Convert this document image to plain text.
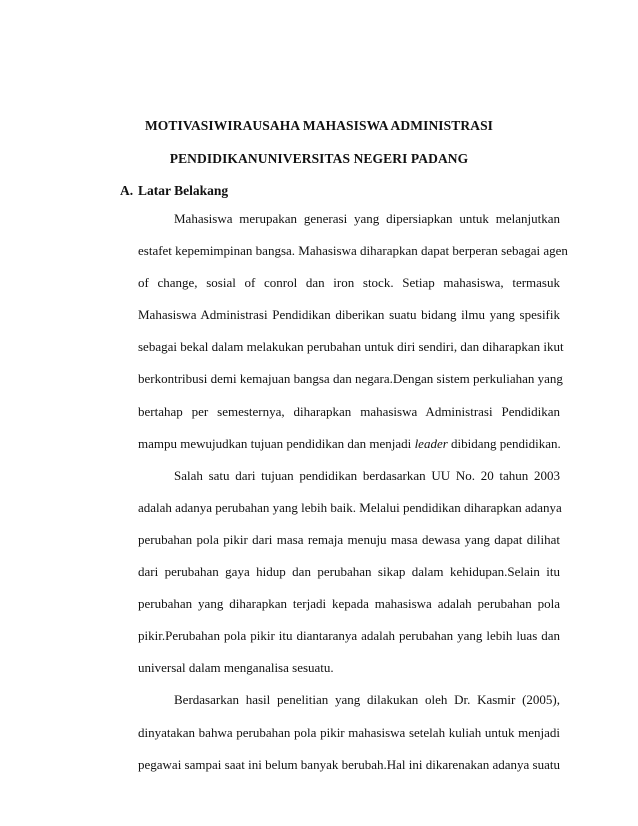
MOTIVASIWIRAUSAHA MAHASISWA ADMINISTRASI

PENDIDIKANUNIVERSITAS NEGERI PADANG

A. Latar Belakang

Mahasiswa merupakan generasi yang dipersiapkan untuk melanjutkan
estafet kepemimpinan bangsa. Mahasiswa diharapkan dapat berperan sebagai agen
of change, sosial of conrol dan iron stock. Setiap mahasiswa, termasuk
Mahasiswa Administrasi Pendidikan diberikan suatu bidang ilmu yang spesifik
sebagai bekal dalam melakukan perubahan untuk diri sendiri, dan diharapkan ikut
berkontribusi demi kemajuan bangsa dan negara.Dengan sistem perkuliahan yang
bertahap per semesternya, diharapkan mahasiswa Administrasi Pendidikan
mampu mewujudkan tujuan pendidikan dan menjadi leader dibidang pendidikan.
Salah satu dari tujuan pendidikan berdasarkan UU No. 20 tahun 2003
adalah adanya perubahan yang lebih baik. Melalui pendidikan diharapkan adanya
perubahan pola pikir dari masa remaja menuju masa dewasa yang dapat dilihat
dari perubahan gaya hidup dan perubahan sikap dalam kehidupan.Selain itu
perubahan yang diharapkan terjadi kepada mahasiswa adalah perubahan pola
pikir.Perubahan pola pikir itu diantaranya adalah perubahan yang lebih luas dan
universal dalam menganalisa sesuatu.
Berdasarkan hasil penelitian yang dilakukan oleh Dr. Kasmir (2005),
dinyatakan bahwa perubahan pola pikir mahasiswa setelah kuliah untuk menjadi
pegawai sampai saat ini belum banyak berubah.Hal ini dikarenakan adanya suatu
